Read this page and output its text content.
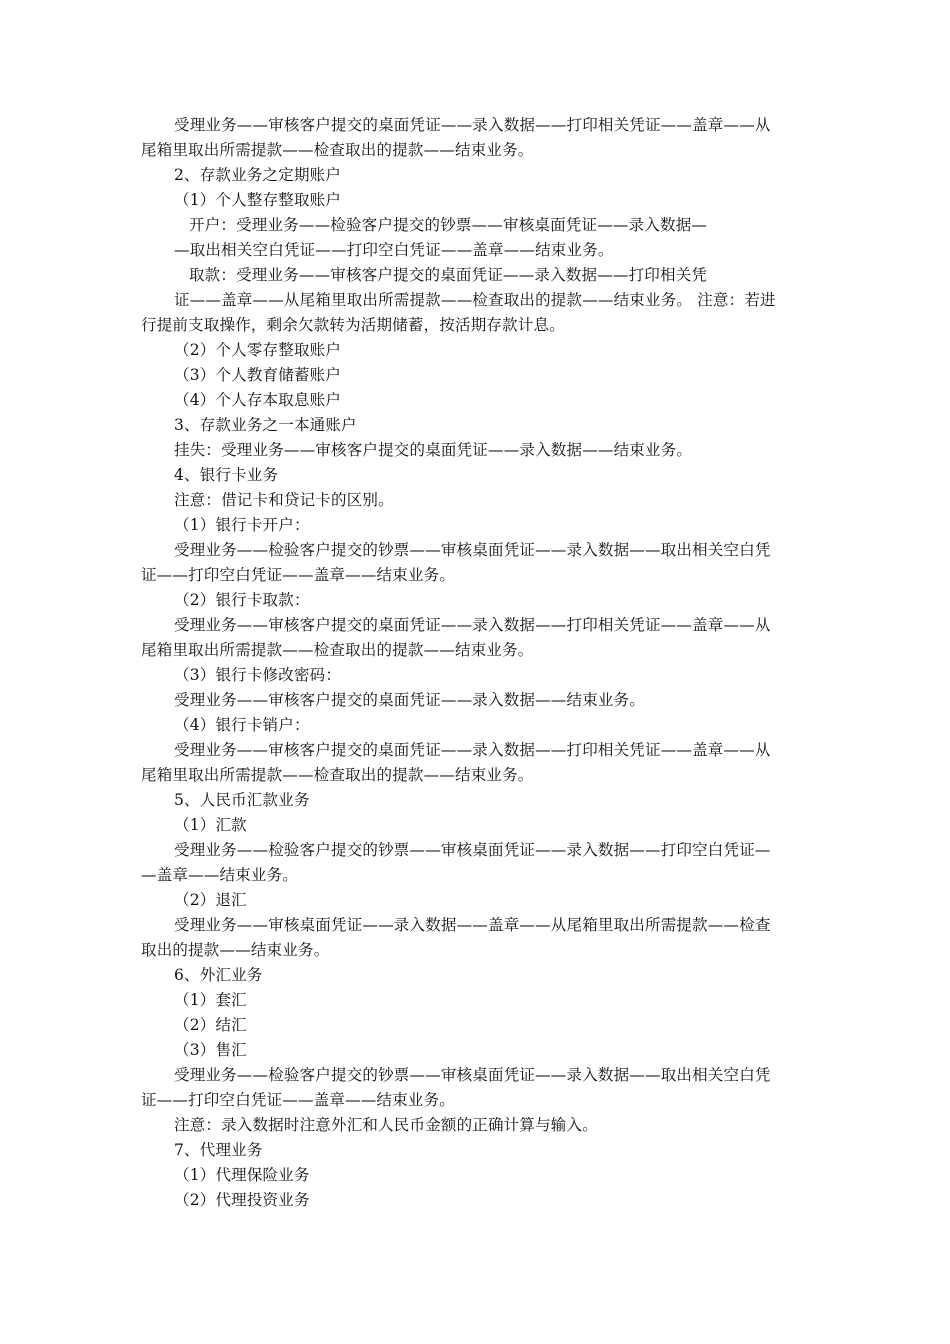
受理业务——审核客户提交的桌面凭证——录入数据——打印相关凭证——盖章——从
尾箱里取出所需提款——检查取出的提款——结束业务。
2、存款业务之定期账户
（1）个人整存整取账户
开户：受理业务——检验客户提交的钞票——审核桌面凭证——录入数据—
—取出相关空白凭证——打印空白凭证——盖章——结束业务。
取款：受理业务——审核客户提交的桌面凭证——录入数据——打印相关凭
证——盖章——从尾箱里取出所需提款——检查取出的提款——结束业务。 注意：若进
行提前支取操作，剩余欠款转为活期储蓄，按活期存款计息。
（2）个人零存整取账户
（3）个人教育储蓄账户
（4）个人存本取息账户
3、存款业务之一本通账户
挂失：受理业务——审核客户提交的桌面凭证——录入数据——结束业务。
4、银行卡业务
注意：借记卡和贷记卡的区别。
（1）银行卡开户：
受理业务——检验客户提交的钞票——审核桌面凭证——录入数据——取出相关空白凭
证——打印空白凭证——盖章——结束业务。
（2）银行卡取款：
受理业务——审核客户提交的桌面凭证——录入数据——打印相关凭证——盖章——从
尾箱里取出所需提款——检查取出的提款——结束业务。
（3）银行卡修改密码：
受理业务——审核客户提交的桌面凭证——录入数据——结束业务。
（4）银行卡销户：
受理业务——审核客户提交的桌面凭证——录入数据——打印相关凭证——盖章——从
尾箱里取出所需提款——检查取出的提款——结束业务。
5、人民币汇款业务
（1）汇款
受理业务——检验客户提交的钞票——审核桌面凭证——录入数据——打印空白凭证—
—盖章——结束业务。
（2）退汇
受理业务——审核桌面凭证——录入数据——盖章——从尾箱里取出所需提款——检查
取出的提款——结束业务。
6、外汇业务
（1）套汇
（2）结汇
（3）售汇
受理业务——检验客户提交的钞票——审核桌面凭证——录入数据——取出相关空白凭
证——打印空白凭证——盖章——结束业务。
注意：录入数据时注意外汇和人民币金额的正确计算与输入。
7、代理业务
（1）代理保险业务
（2）代理投资业务
